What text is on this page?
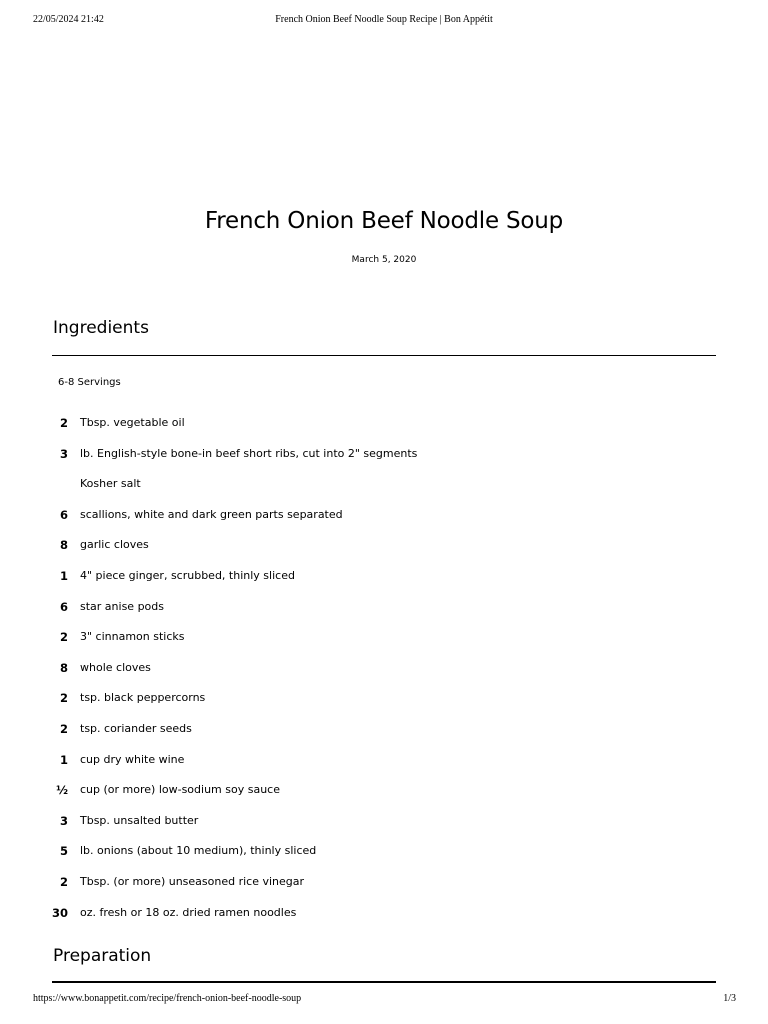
22/05/2024 21:42	French Onion Beef Noodle Soup Recipe | Bon Appétit
French Onion Beef Noodle Soup
March 5, 2020
Ingredients
6-8 Servings
2 Tbsp. vegetable oil
3 lb. English-style bone-in beef short ribs, cut into 2" segments
Kosher salt
6 scallions, white and dark green parts separated
8 garlic cloves
1 4" piece ginger, scrubbed, thinly sliced
6 star anise pods
2 3" cinnamon sticks
8 whole cloves
2 tsp. black peppercorns
2 tsp. coriander seeds
1 cup dry white wine
½ cup (or more) low-sodium soy sauce
3 Tbsp. unsalted butter
5 lb. onions (about 10 medium), thinly sliced
2 Tbsp. (or more) unseasoned rice vinegar
30 oz. fresh or 18 oz. dried ramen noodles
Preparation
https://www.bonappetit.com/recipe/french-onion-beef-noodle-soup	1/3
